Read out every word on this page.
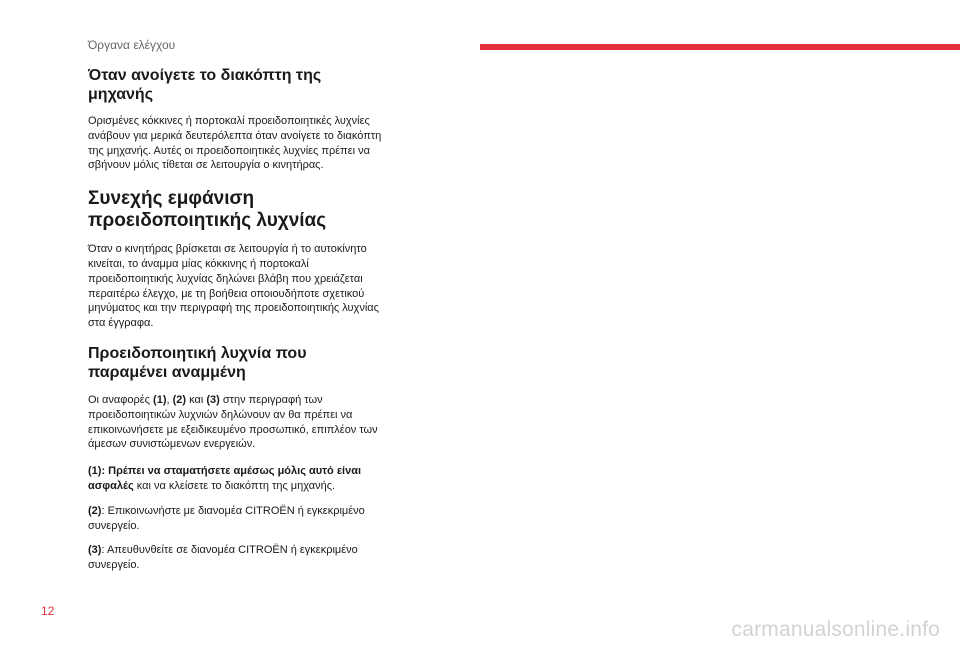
Όργανα ελέγχου
Όταν ανοίγετε το διακόπτη της μηχανής

Ορισμένες κόκκινες ή πορτοκαλί προειδοποιητικές λυχνίες ανάβουν για μερικά δευτερόλεπτα όταν ανοίγετε το διακόπτη της μηχανής. Αυτές οι προειδοποιητικές λυχνίες πρέπει να σβήνουν μόλις τίθεται σε λειτουργία ο κινητήρας.

Συνεχής εμφάνιση προειδοποιητικής λυχνίας

Όταν ο κινητήρας βρίσκεται σε λειτουργία ή το αυτοκίνητο κινείται, το άναμμα μίας κόκκινης ή πορτοκαλί προειδοποιητικής λυχνίας δηλώνει βλάβη που χρειάζεται περαιτέρω έλεγχο, με τη βοήθεια οποιουδήποτε σχετικού μηνύματος και την περιγραφή της προειδοποιητικής λυχνίας στα έγγραφα.

Προειδοποιητική λυχνία που παραμένει αναμμένη

Οι αναφορές (1), (2) και (3) στην περιγραφή των προειδοποιητικών λυχνιών δηλώνουν αν θα πρέπει να επικοινωνήσετε με εξειδικευμένο προσωπικό, επιπλέον των άμεσων συνιστώμενων ενεργειών.

(1): Πρέπει να σταματήσετε αμέσως μόλις αυτό είναι ασφαλές και να κλείσετε το διακόπτη της μηχανής.

(2): Επικοινωνήστε με διανομέα CITROËN ή εγκεκριμένο συνεργείο.

(3): Απευθυνθείτε σε διανομέα CITROËN ή εγκεκριμένο συνεργείο.

12
carmanualsonline.info
